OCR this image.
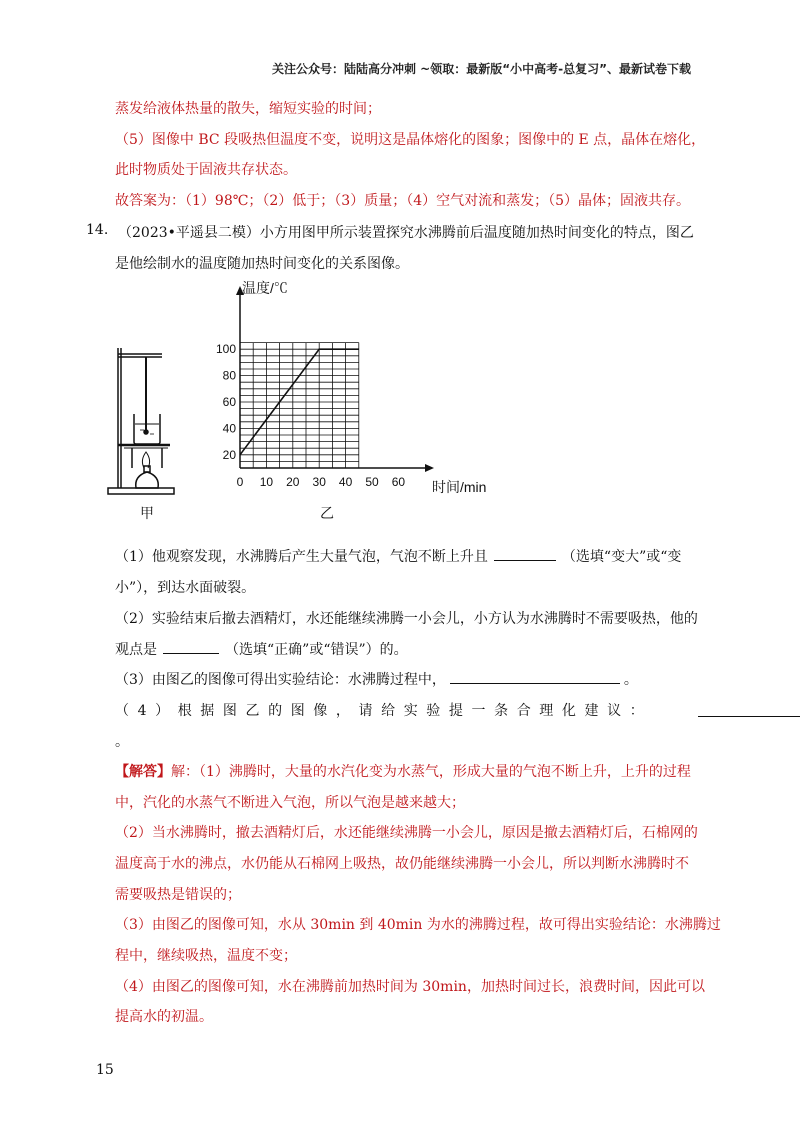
关注公众号：陆陆高分冲刺 ~领取：最新版“小中高考-总复习”、最新试卷下载
蒸发给液体热量的散失，缩短实验的时间；
（5）图像中 BC 段吸热但温度不变，说明这是晶体熔化的图象；图像中的 E 点，晶体在熔化，
此时物质处于固液共存状态。
故答案为：（1）98℃；（2）低于；（3）质量；（4）空气对流和蒸发；（5）晶体；固液共存。
14. （2023•平遥县二模）小方用图甲所示装置探究水沸腾前后温度随加热时间变化的特点，图乙
是他绘制水的温度随加热时间变化的关系图像。
甲
0 10 20 30 40 50 60
20
40
60
80
100
温度/℃
时间/min
乙
（1）他观察发现，水沸腾后产生大量气泡，气泡不断上升且	（选填“变大”或“变
小”），到达水面破裂。
（2）实验结束后撤去酒精灯，水还能继续沸腾一小会儿，小方认为水沸腾时不需要吸热，他的
观点是	（选填“正确”或“错误”）的。
（3）由图乙的图像可得出实验结论：水沸腾过程中，	。
（4）根据图乙的图像，请给实验提一条合理化建议：
。
【解答】解：（1）沸腾时，大量的水汽化变为水蒸气，形成大量的气泡不断上升，上升的过程
中，汽化的水蒸气不断进入气泡，所以气泡是越来越大；
（2）当水沸腾时，撤去酒精灯后，水还能继续沸腾一小会儿，原因是撤去酒精灯后，石棉网的
温度高于水的沸点，水仍能从石棉网上吸热，故仍能继续沸腾一小会儿，所以判断水沸腾时不
需要吸热是错误的；
（3）由图乙的图像可知，水从 30min 到 40min 为水的沸腾过程，故可得出实验结论：水沸腾过
程中，继续吸热，温度不变；
（4）由图乙的图像可知，水在沸腾前加热时间为 30min，加热时间过长，浪费时间，因此可以
提高水的初温。
15
